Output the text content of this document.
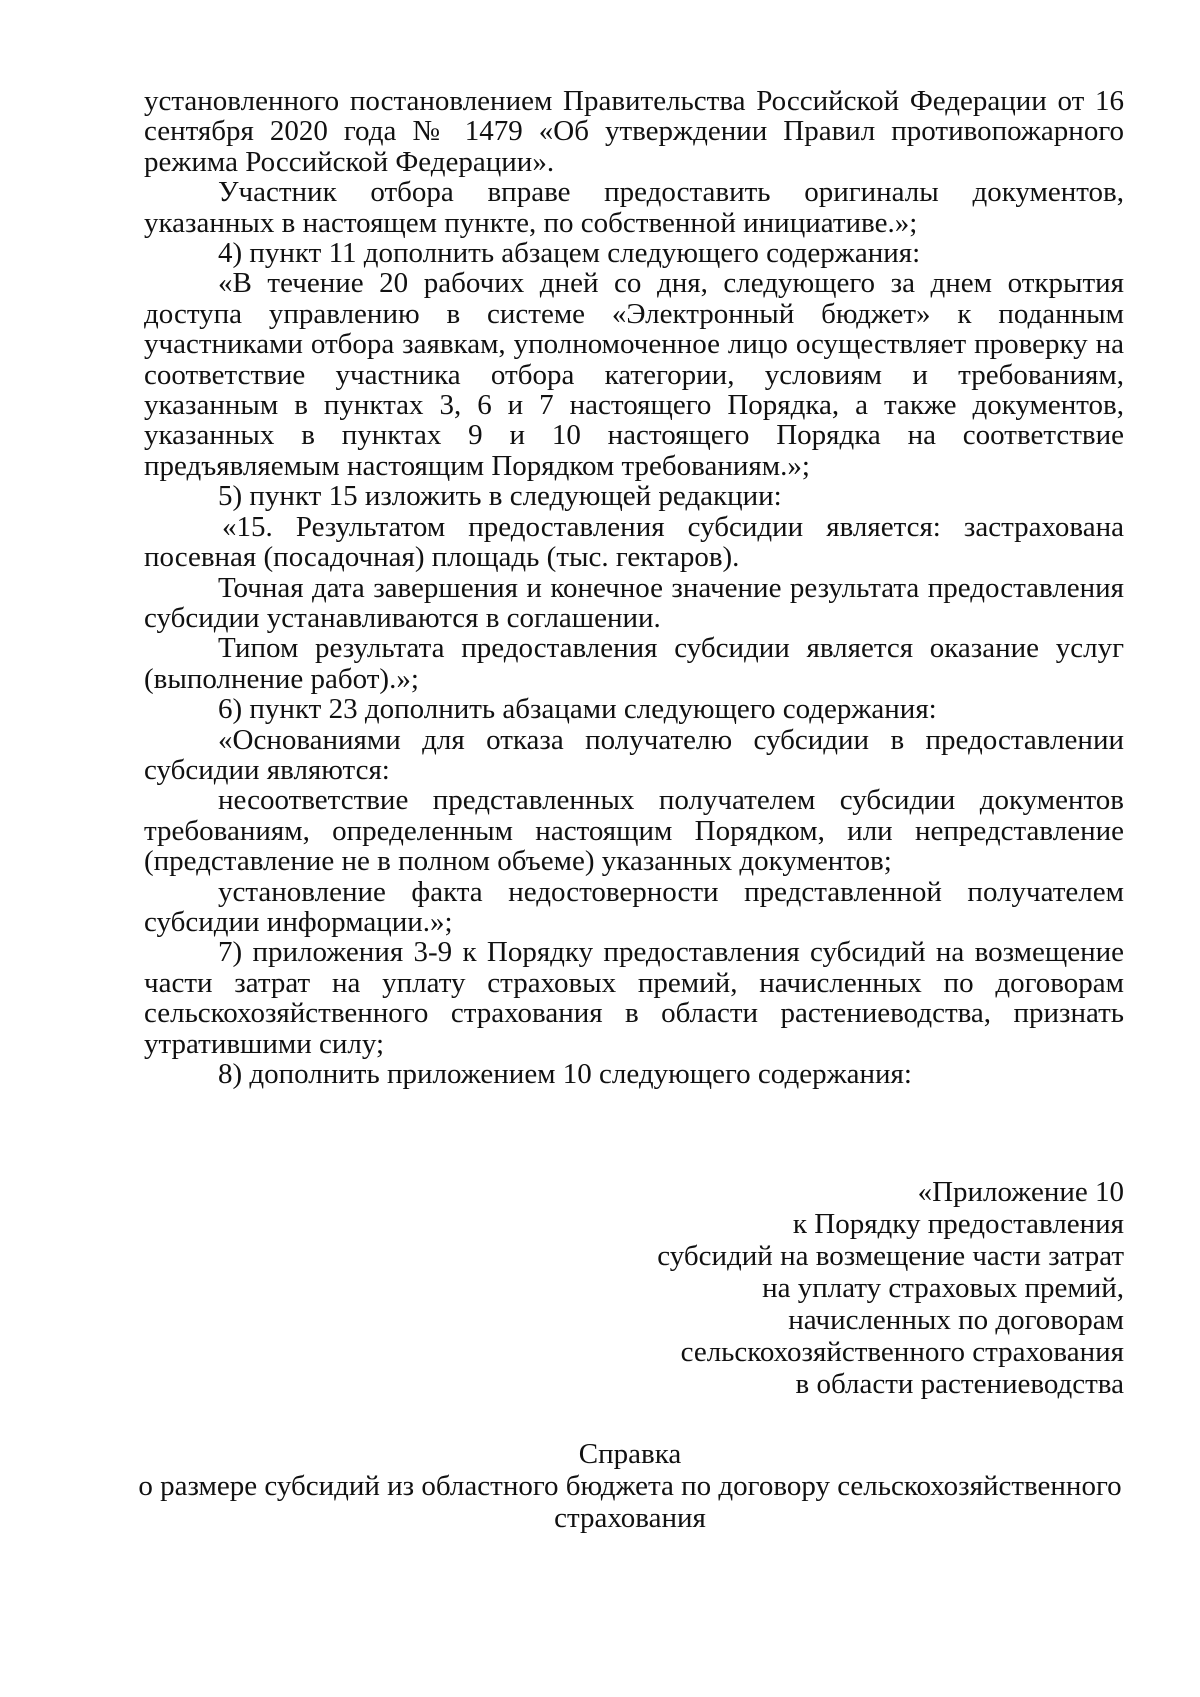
установленного постановлением Правительства Российской Федерации от 16 сентября 2020 года № 1479 «Об утверждении Правил противопожарного режима Российской Федерации».

Участник отбора вправе предоставить оригиналы документов, указанных в настоящем пункте, по собственной инициативе.»;

4) пункт 11 дополнить абзацем следующего содержания:

«В течение 20 рабочих дней со дня, следующего за днем открытия доступа управлению в системе «Электронный бюджет» к поданным участниками отбора заявкам, уполномоченное лицо осуществляет проверку на соответствие участника отбора категории, условиям и требованиям, указанным в пунктах 3, 6 и 7 настоящего Порядка, а также документов, указанных в пунктах 9 и 10 настоящего Порядка на соответствие предъявляемым настоящим Порядком требованиям.»;

5) пункт 15 изложить в следующей редакции:

«15. Результатом предоставления субсидии является: застрахована посевная (посадочная) площадь (тыс. гектаров).

Точная дата завершения и конечное значение результата предоставления субсидии устанавливаются в соглашении.

Типом результата предоставления субсидии является оказание услуг (выполнение работ).»;

6) пункт 23 дополнить абзацами следующего содержания:

«Основаниями для отказа получателю субсидии в предоставлении субсидии являются:

несоответствие представленных получателем субсидии документов требованиям, определенным настоящим Порядком, или непредставление (представление не в полном объеме) указанных документов;

установление факта недостоверности представленной получателем субсидии информации.»;

7) приложения 3-9 к Порядку предоставления субсидий на возмещение части затрат на уплату страховых премий, начисленных по договорам сельскохозяйственного страхования в области растениеводства, признать утратившими силу;

8) дополнить приложением 10 следующего содержания:

«Приложение 10
к Порядку предоставления
субсидий на возмещение части затрат
на уплату страховых премий,
начисленных по договорам
сельскохозяйственного страхования
в области растениеводства
Справка
о размере субсидий из областного бюджета по договору сельскохозяйственного
страхования
